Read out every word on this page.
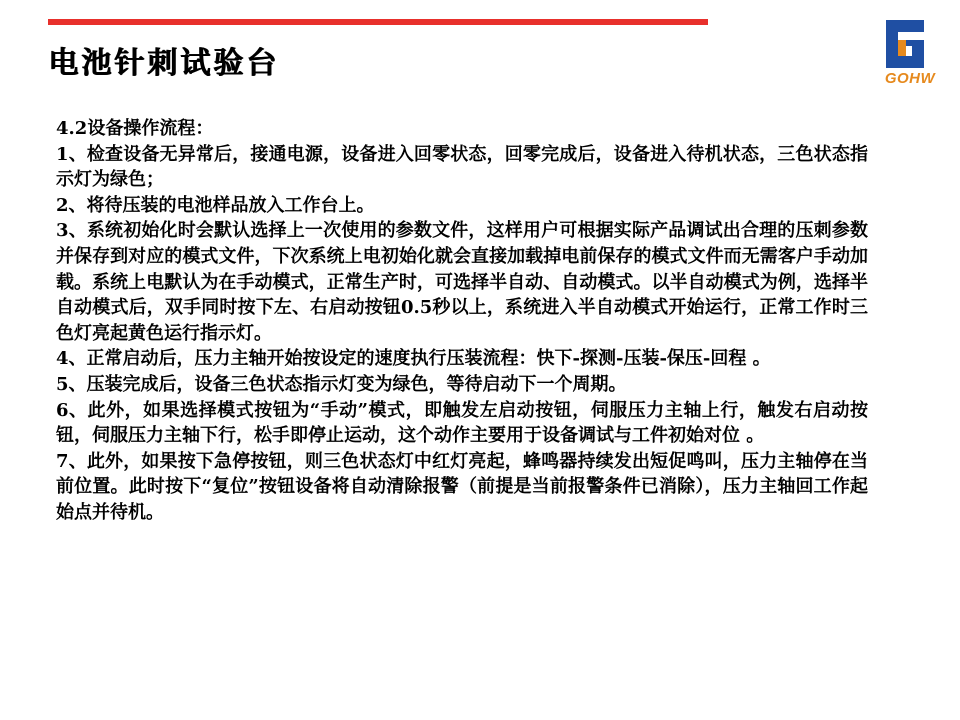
电池针刺试验台	GOHW

4.2设备操作流程：

1、检查设备无异常后，接通电源，设备进入回零状态，回零完成后，设备进入待机状态，三色状态指示灯为绿色；

2、将待压装的电池样品放入工作台上。

3、系统初始化时会默认选择上一次使用的参数文件，这样用户可根据实际产品调试出合理的压刺参数并保存到对应的模式文件，下次系统上电初始化就会直接加载掉电前保存的模式文件而无需客户手动加载。系统上电默认为在手动模式，正常生产时，可选择半自动、自动模式。以半自动模式为例，选择半自动模式后，双手同时按下左、右启动按钮0.5秒以上，系统进入半自动模式开始运行，正常工作时三色灯亮起黄色运行指示灯。

4、正常启动后，压力主轴开始按设定的速度执行压装流程：快下-探测-压装-保压-回程 。

5、压装完成后，设备三色状态指示灯变为绿色，等待启动下一个周期。

6、此外，如果选择模式按钮为“手动”模式，即触发左启动按钮，伺服压力主轴上行，触发右启动按钮，伺服压力主轴下行，松手即停止运动，这个动作主要用于设备调试与工件初始对位 。

7、此外，如果按下急停按钮，则三色状态灯中红灯亮起，蜂鸣器持续发出短促鸣叫，压力主轴停在当前位置。此时按下“复位”按钮设备将自动清除报警（前提是当前报警条件已消除），压力主轴回工作起始点并待机。
